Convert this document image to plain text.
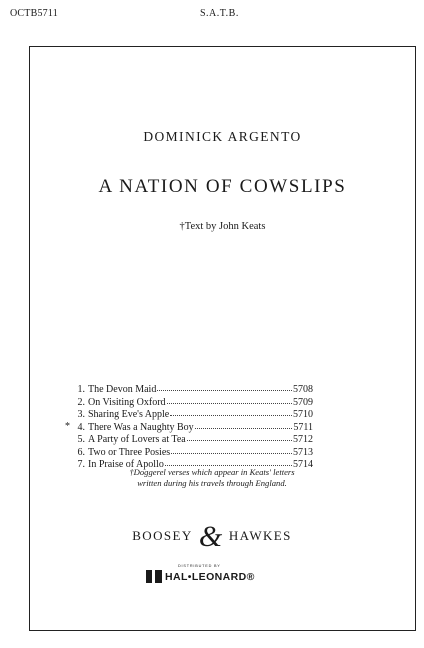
OCTB5711	S.A.T.B.
DOMINICK ARGENTO
A NATION OF COWSLIPS
†Text by John Keats
1. The Devon Maid	5708
2. On Visiting Oxford	5709
3. Sharing Eve's Apple	5710
* 4. There Was a Naughty Boy	5711
5. A Party of Lovers at Tea	5712
6. Two or Three Posies	5713
7. In Praise of Apollo	5714
†Doggerel verses which appear in Keats' letters
written during his travels through England.
BOOSEY & HAWKES
DISTRIBUTED BY
HAL•LEONARD®
